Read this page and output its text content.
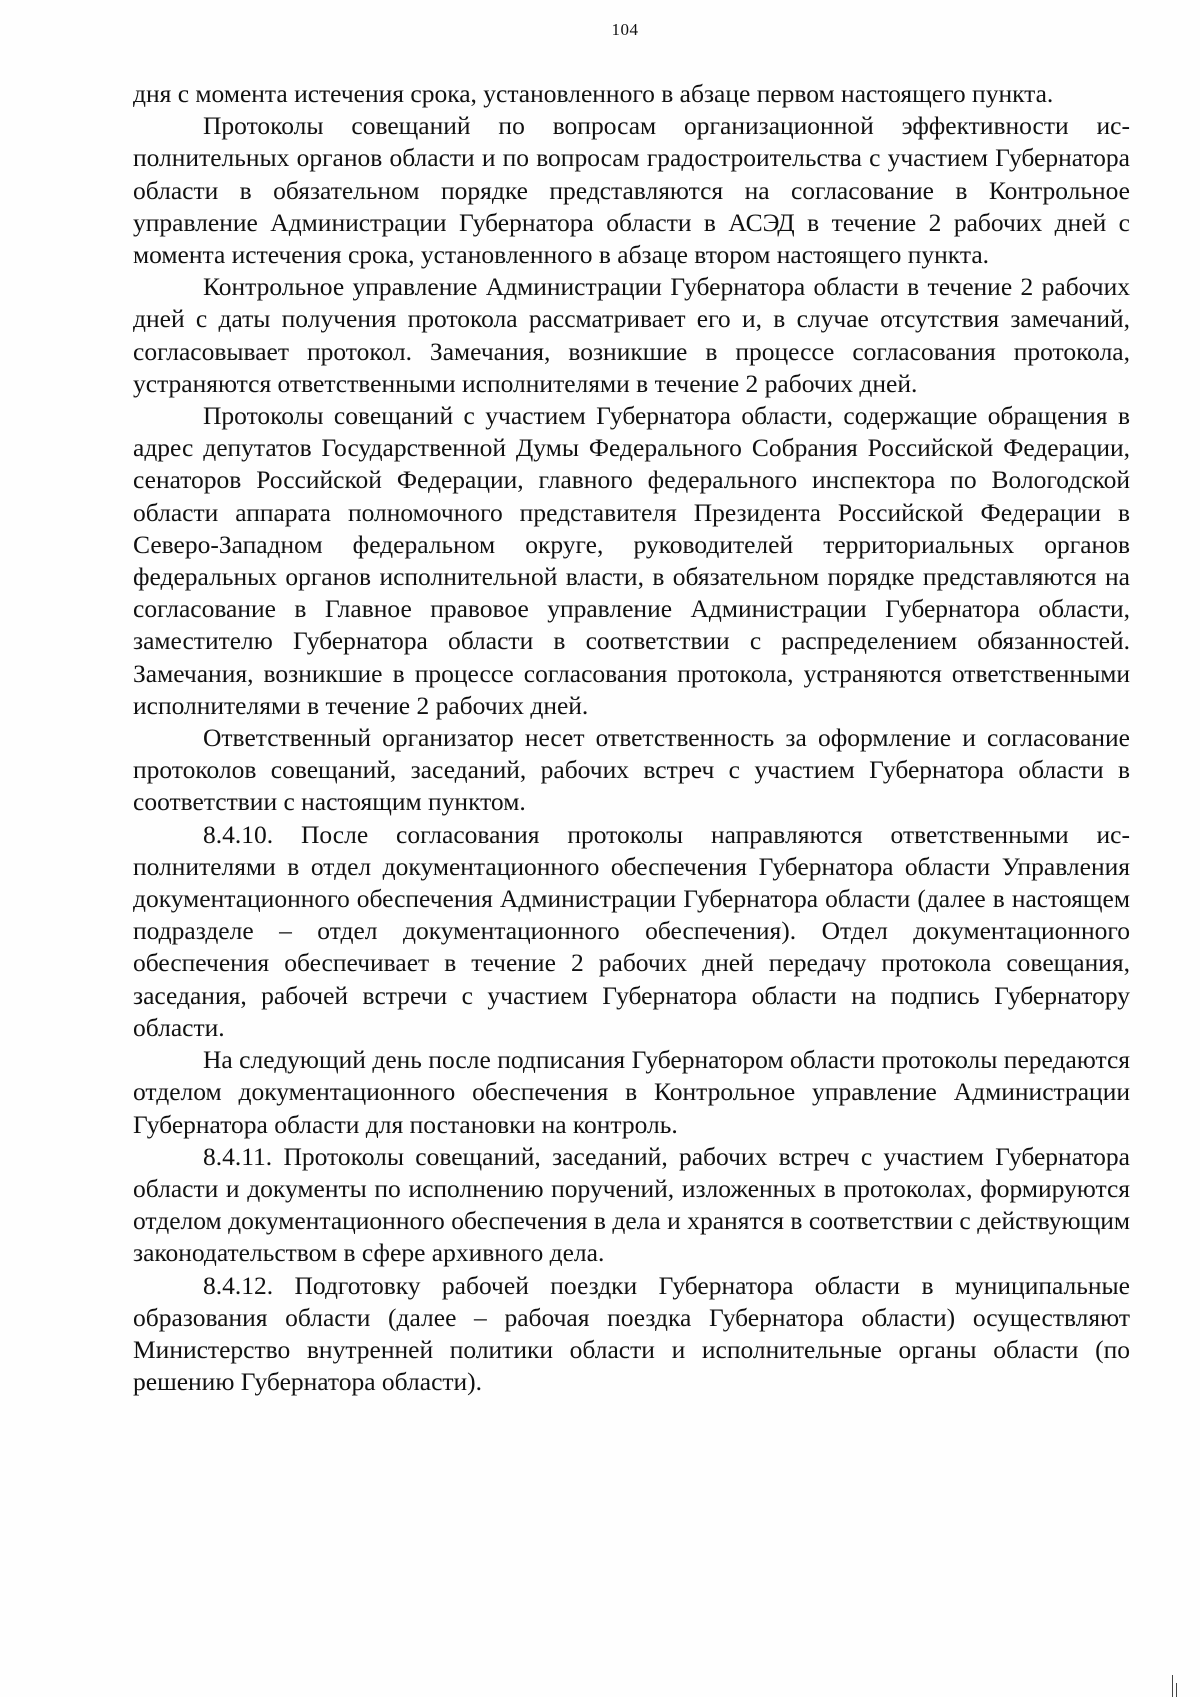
104

дня с момента истечения срока, установленного в абзаце первом настоящего пункта.

Протоколы совещаний по вопросам организационной эффективности исполнительных органов области и по вопросам градостроительства с участием Губернатора области в обязательном порядке представляются на согласование в Контрольное управление Администрации Губернатора области в АСЭД в течение 2 рабочих дней с момента истечения срока, установленного в абзаце втором настоящего пункта.

Контрольное управление Администрации Губернатора области в течение 2 рабочих дней с даты получения протокола рассматривает его и, в случае отсутствия замечаний, согласовывает протокол. Замечания, возникшие в процессе согласования протокола, устраняются ответственными исполнителями в течение 2 рабочих дней.

Протоколы совещаний с участием Губернатора области, содержащие обращения в адрес депутатов Государственной Думы Федерального Собрания Российской Федерации, сенаторов Российской Федерации, главного федерального инспектора по Вологодской области аппарата полномочного представителя Президента Российской Федерации в Северо-Западном федеральном округе, руководителей территориальных органов федеральных органов исполнительной власти, в обязательном порядке представляются на согласование в Главное правовое управление Администрации Губернатора области, заместителю Губернатора области в соответствии с распределением обязанностей. Замечания, возникшие в процессе согласования протокола, устраняются ответственными исполнителями в течение 2 рабочих дней.

Ответственный организатор несет ответственность за оформление и согласование протоколов совещаний, заседаний, рабочих встреч с участием Губернатора области в соответствии с настоящим пунктом.

8.4.10. После согласования протоколы направляются ответственными исполнителями в отдел документационного обеспечения Губернатора области Управления документационного обеспечения Администрации Губернатора области (далее в настоящем подразделе – отдел документационного обеспечения). Отдел документационного обеспечения обеспечивает в течение 2 рабочих дней передачу протокола совещания, заседания, рабочей встречи с участием Губернатора области на подпись Губернатору области.

На следующий день после подписания Губернатором области протоколы передаются отделом документационного обеспечения в Контрольное управление Администрации Губернатора области для постановки на контроль.

8.4.11. Протоколы совещаний, заседаний, рабочих встреч с участием Губернатора области и документы по исполнению поручений, изложенных в протоколах, формируются отделом документационного обеспечения в дела и хранятся в соответствии с действующим законодательством в сфере архивного дела.

8.4.12. Подготовку рабочей поездки Губернатора области в муниципальные образования области (далее – рабочая поездка Губернатора области) осуществляют Министерство внутренней политики области и исполнительные органы области (по решению Губернатора области).
